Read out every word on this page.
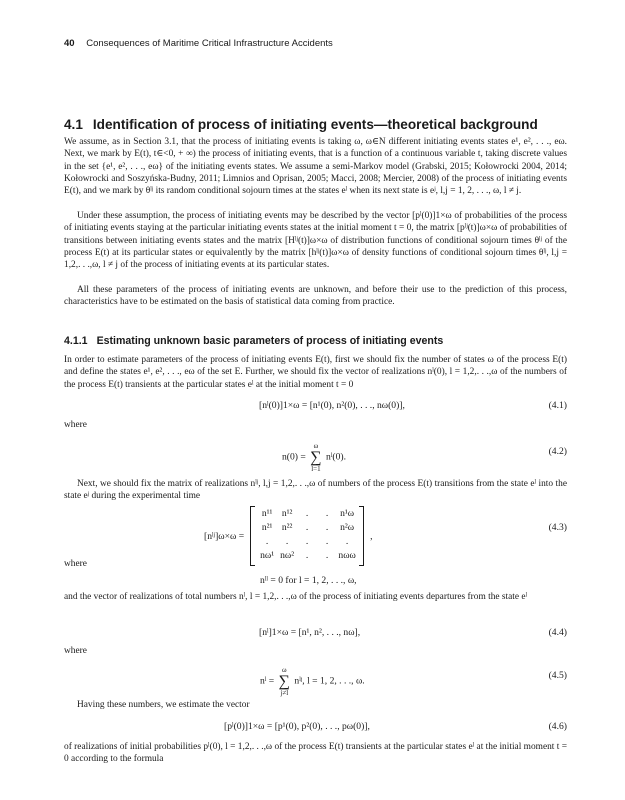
40 Consequences of Maritime Critical Infrastructure Accidents
4.1 Identification of process of initiating events—theoretical background

We assume, as in Section 3.1, that the process of initiating events is taking ω, ω∈N different initiating events states e¹, e², . . ., eω. Next, we mark by E(t), t∈<0, + ∞) the process of initiating events, that is a function of a continuous variable t, taking discrete values in the set {e¹, e², . . ., eω} of the initiating events states. We assume a semi-Markov model (Grabski, 2015; Kołowrocki 2004, 2014; Kołowrocki and Soszyńska-Budny, 2011; Limnios and Oprisan, 2005; Macci, 2008; Mercier, 2008) of the process of initiating events E(t), and we mark by θˡʲ its random conditional sojourn times at the states eˡ when its next state is eʲ, l,j = 1, 2, . . ., ω, l ≠ j.

Under these assumption, the process of initiating events may be described by the vector [pˡ(0)]1×ω of probabilities of the process of initiating events staying at the particular initiating events states at the initial moment t = 0, the matrix [pˡʲ(t)]ω×ω of probabilities of transitions between initiating events states and the matrix [Hˡʲ(t)]ω×ω of distribution functions of conditional sojourn times θˡʲ of the process E(t) at its particular states or equivalently by the matrix [hˡʲ(t)]ω×ω of density functions of conditional sojourn times θˡʲ, l,j = 1,2,. . .,ω, l ≠ j of the process of initiating events at its particular states.

All these parameters of the process of initiating events are unknown, and before their use to the prediction of this process, characteristics have to be estimated on the basis of statistical data coming from practice.

4.1.1 Estimating unknown basic parameters of process of initiating events

In order to estimate parameters of the process of initiating events E(t), first we should fix the number of states ω of the process E(t) and define the states e¹, e², . . ., eω of the set E. Further, we should fix the vector of realizations nˡ(0), l = 1,2,. . .,ω of the numbers of the process E(t) transients at the particular states eˡ at the initial moment t = 0

[nˡ(0)]1×ω = [n¹(0), n²(0), . . ., nω(0)],	(4.1)

where

n(0) = ω
∑
l=1 nˡ(0).
(4.2)

Next, we should fix the matrix of realizations nˡʲ, l,j = 1,2,. . .,ω of numbers of the process E(t) transitions from the state eˡ into the state eʲ during the experimental time

[nˡʲ]ω×ω =
n¹¹ n¹²	.	.	n¹ω
n²¹ n²²	.	.	n²ω
.	.	.	.	.
nω¹ nω²	.	.	nωω
,
(4.3)

where

nˡˡ = 0 for l = 1, 2, . . ., ω,

and the vector of realizations of total numbers nˡ, l = 1,2,. . .,ω of the process of initiating events departures from the state eˡ

[nˡ]1×ω = [n¹, n², . . ., nω],	(4.4)

where

nˡ = ω
∑
j≠l nˡʲ, l = 1, 2, . . ., ω.
(4.5)

Having these numbers, we estimate the vector

[pˡ(0)]1×ω = [p¹(0), p²(0), . . ., pω(0)],	(4.6)

of realizations of initial probabilities pˡ(0), l = 1,2,. . .,ω of the process E(t) transients at the particular states eˡ at the initial moment t = 0 according to the formula
